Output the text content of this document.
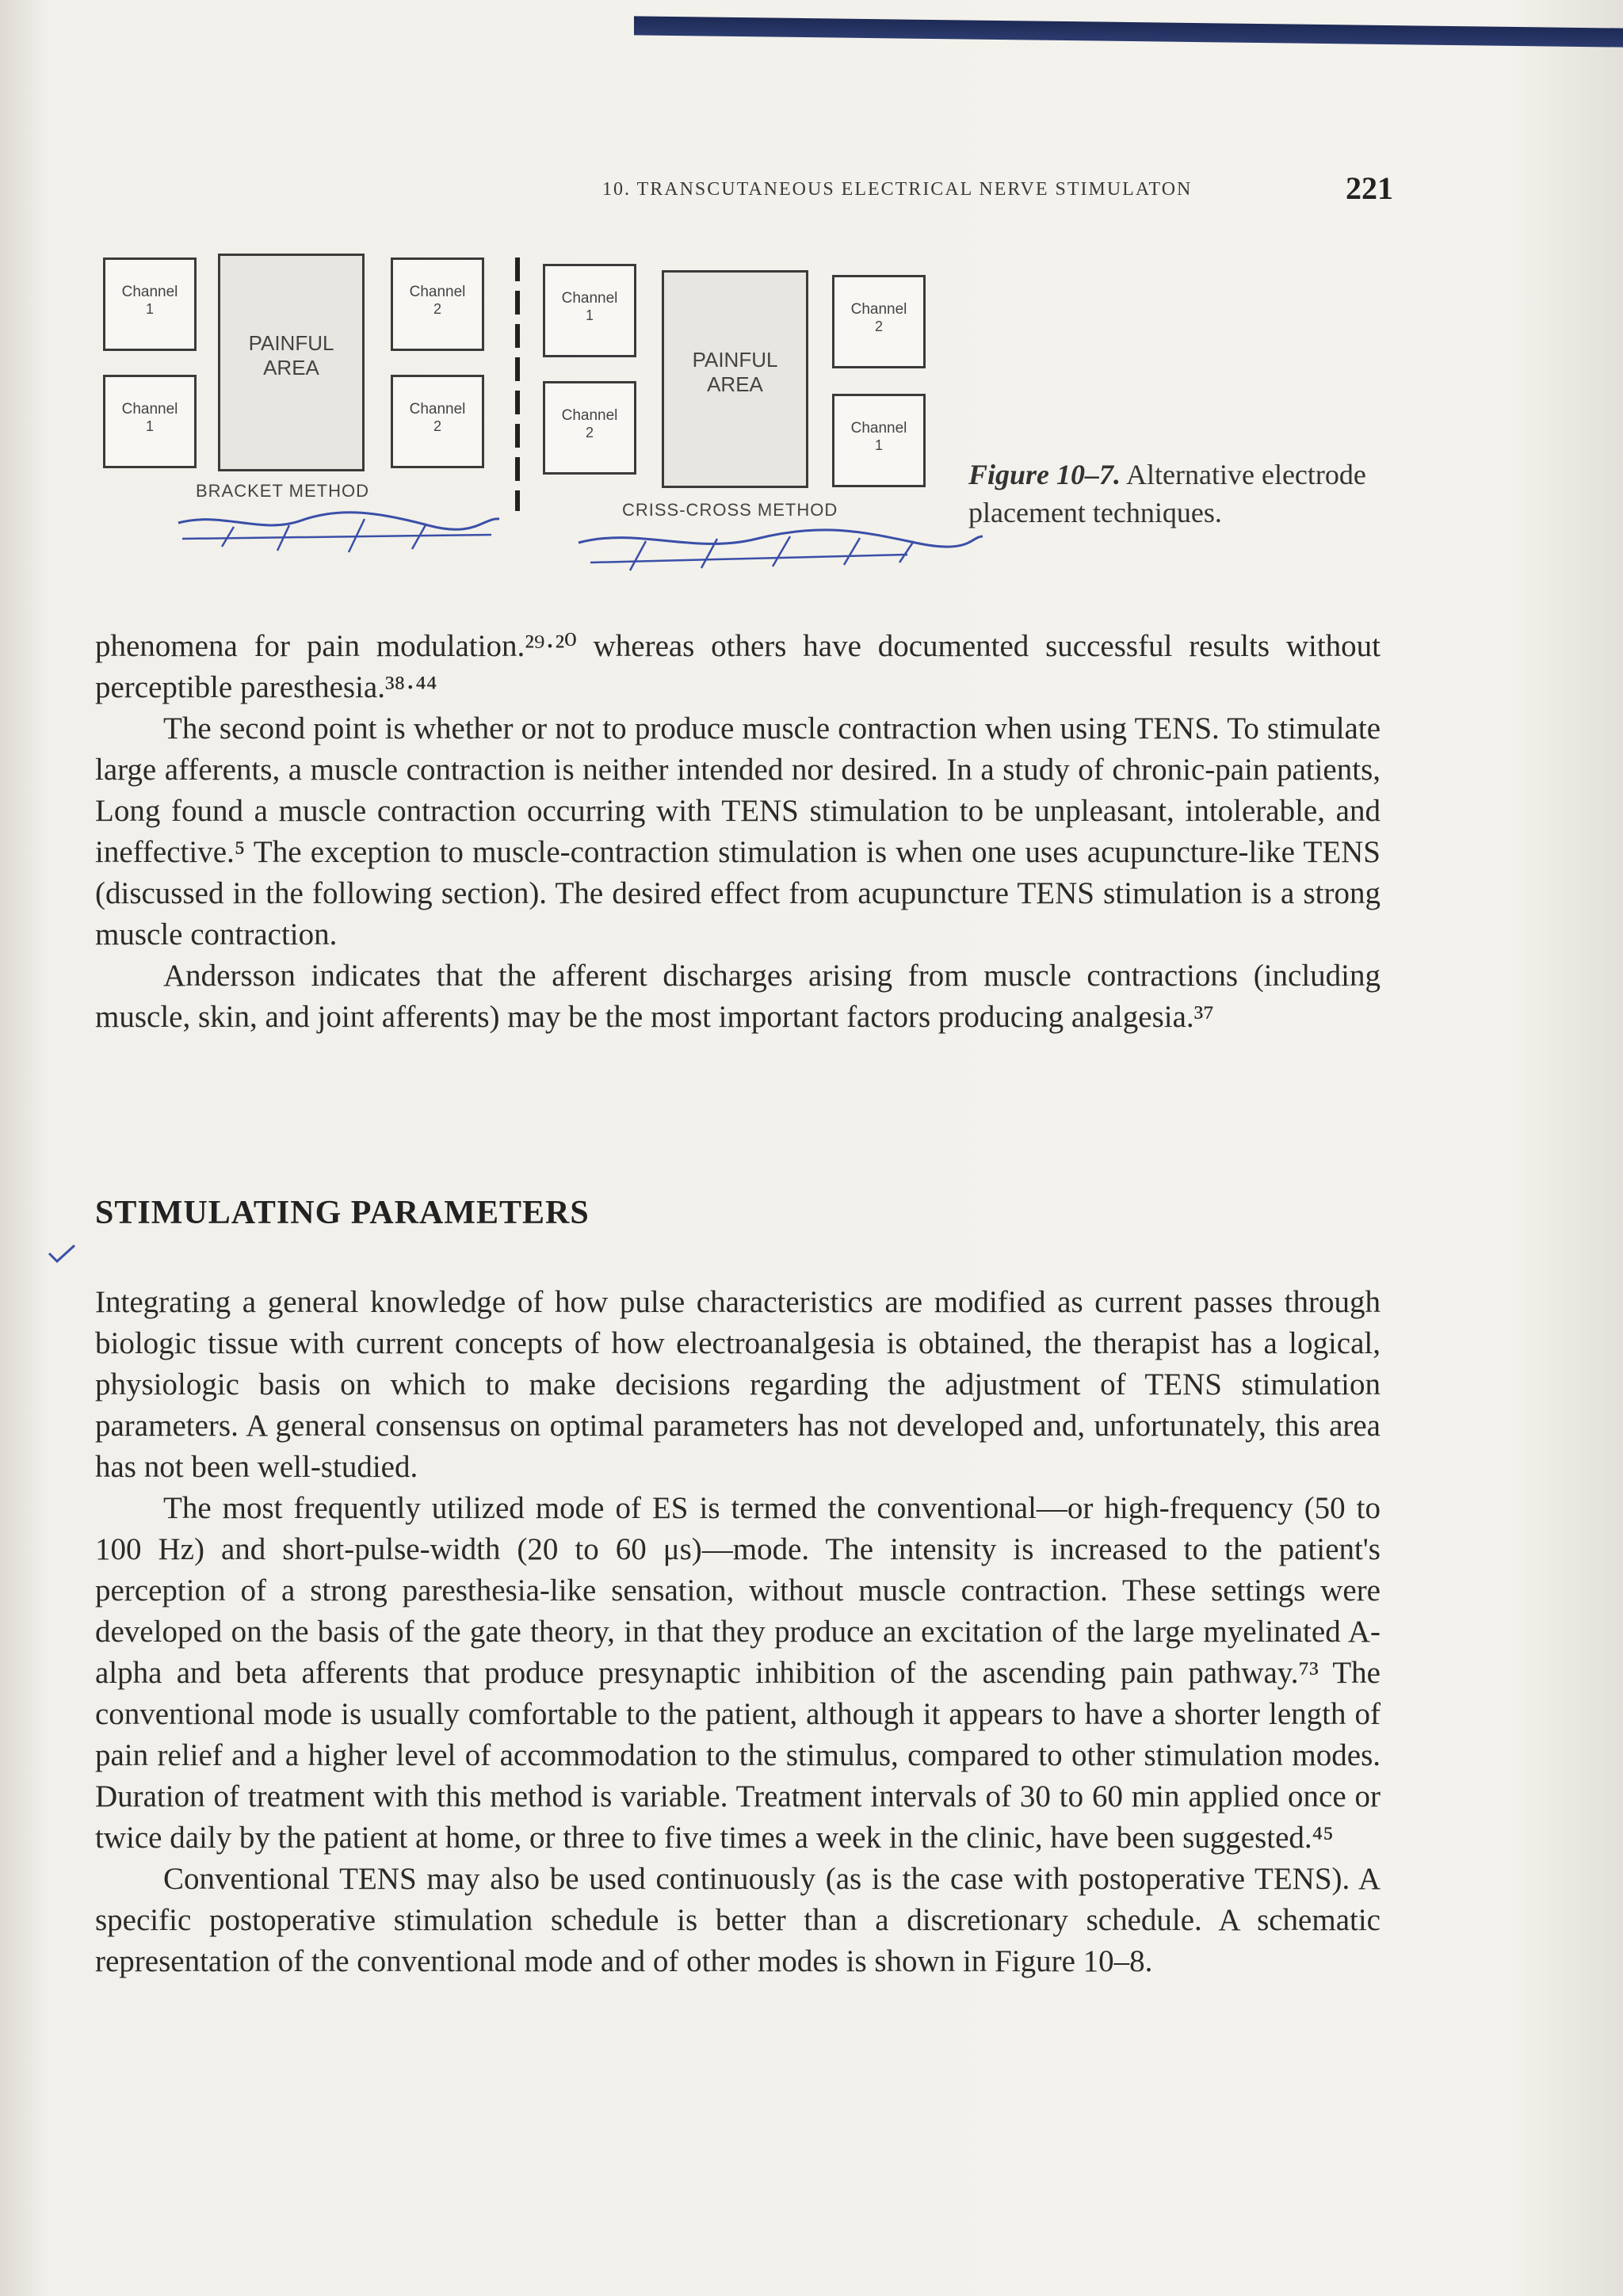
10. TRANSCUTANEOUS ELECTRICAL NERVE STIMULATON	221
Channel
1
Channel
1
PAINFUL AREA
Channel
2
Channel
2
BRACKET METHOD
Channel
1
Channel
2
PAINFUL AREA
Channel
2
Channel
1
CRISS-CROSS METHOD
Figure 10–7. Alternative electrode placement techniques.

phenomena for pain modulation.²⁹·²⁰ whereas others have documented successful results without perceptible paresthesia.³⁸·⁴⁴

The second point is whether or not to produce muscle contraction when using TENS. To stimulate large afferents, a muscle contraction is neither intended nor desired. In a study of chronic-pain patients, Long found a muscle contraction occurring with TENS stimulation to be unpleasant, intolerable, and ineffective.⁵ The exception to muscle-contraction stimulation is when one uses acupuncture-like TENS (discussed in the following section). The desired effect from acupuncture TENS stimulation is a strong muscle contraction.

Andersson indicates that the afferent discharges arising from muscle contractions (including muscle, skin, and joint afferents) may be the most important factors producing analgesia.³⁷

STIMULATING PARAMETERS

Integrating a general knowledge of how pulse characteristics are modified as current passes through biologic tissue with current concepts of how electroanalgesia is obtained, the therapist has a logical, physiologic basis on which to make decisions regarding the adjustment of TENS stimulation parameters. A general consensus on optimal parameters has not developed and, unfortunately, this area has not been well-studied.

The most frequently utilized mode of ES is termed the conventional—or high-frequency (50 to 100 Hz) and short-pulse-width (20 to 60 μs)—mode. The intensity is increased to the patient's perception of a strong paresthesia-like sensation, without muscle contraction. These settings were developed on the basis of the gate theory, in that they produce an excitation of the large myelinated A-alpha and beta afferents that produce presynaptic inhibition of the ascending pain pathway.⁷³ The conventional mode is usually comfortable to the patient, although it appears to have a shorter length of pain relief and a higher level of accommodation to the stimulus, compared to other stimulation modes. Duration of treatment with this method is variable. Treatment intervals of 30 to 60 min applied once or twice daily by the patient at home, or three to five times a week in the clinic, have been suggested.⁴⁵

Conventional TENS may also be used continuously (as is the case with postoperative TENS). A specific postoperative stimulation schedule is better than a discretionary schedule. A schematic representation of the conventional mode and of other modes is shown in Figure 10–8.
